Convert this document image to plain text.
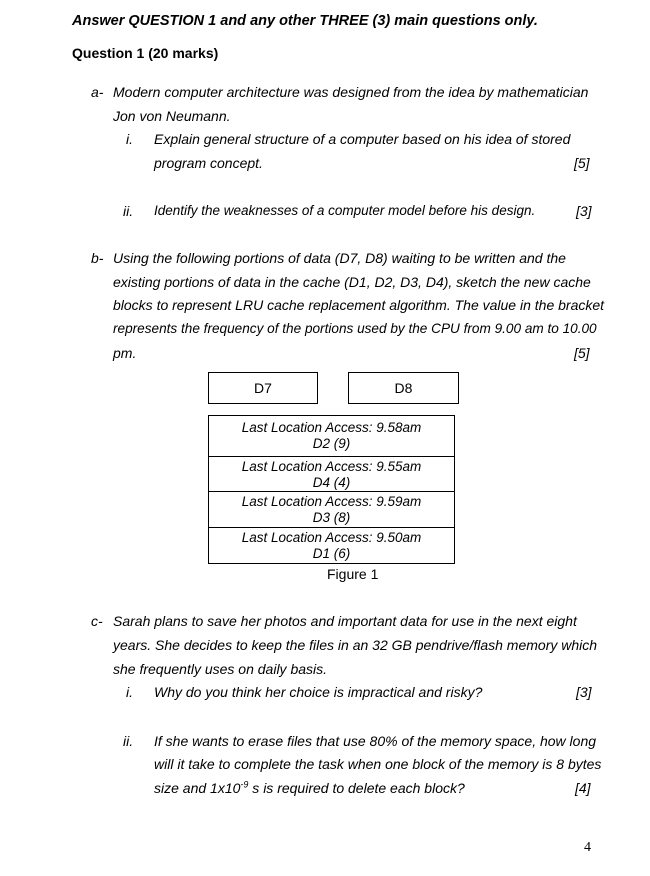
Answer QUESTION 1 and any other THREE (3) main questions only.
Question 1 (20 marks)
a- Modern computer architecture was designed from the idea by mathematician
Jon von Neumann.
i. Explain general structure of a computer based on his idea of stored
program concept.	[5]
ii. Identify the weaknesses of a computer model before his design.	[3]
b- Using the following portions of data (D7, D8) waiting to be written and the
existing portions of data in the cache (D1, D2, D3, D4), sketch the new cache
blocks to represent LRU cache replacement algorithm. The value in the bracket
represents the frequency of the portions used by the CPU from 9.00 am to 10.00
pm.	[5]
D7	D8
Last Location Access: 9.58am
D2 (9)
Last Location Access: 9.55am
D4 (4)
Last Location Access: 9.59am
D3 (8)
Last Location Access: 9.50am
D1 (6)
Figure 1
c- Sarah plans to save her photos and important data for use in the next eight
years. She decides to keep the files in an 32 GB pendrive/flash memory which
she frequently uses on daily basis.
i. Why do you think her choice is impractical and risky?	[3]
ii. If she wants to erase files that use 80% of the memory space, how long
will it take to complete the task when one block of the memory is 8 bytes
size and $1x10^{-9}$ s is required to delete each block?	[4]
4
